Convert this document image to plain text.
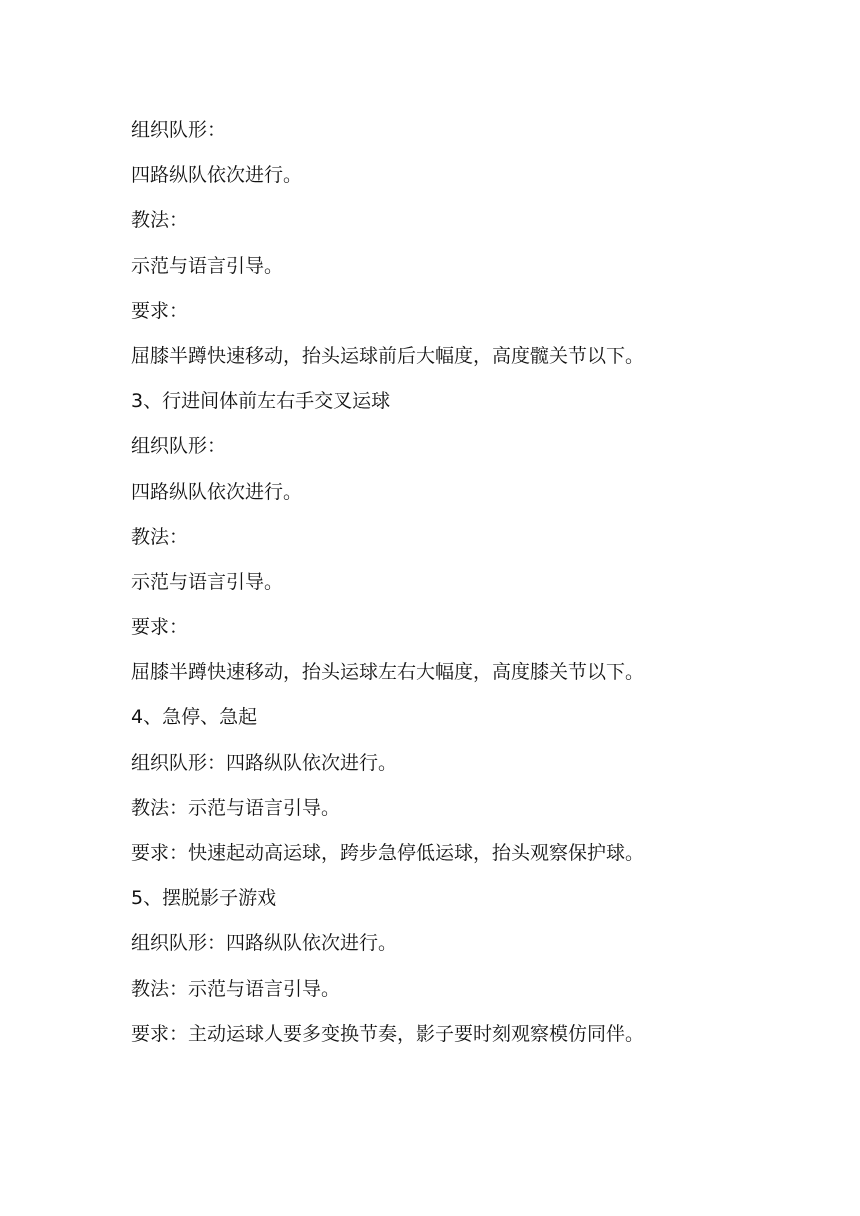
组织队形：
四路纵队依次进行。
教法：
示范与语言引导。
要求：
屈膝半蹲快速移动，抬头运球前后大幅度，高度髋关节以下。
3、行进间体前左右手交叉运球
组织队形：
四路纵队依次进行。
教法：
示范与语言引导。
要求：
屈膝半蹲快速移动，抬头运球左右大幅度，高度膝关节以下。
4、急停、急起
组织队形：四路纵队依次进行。
教法：示范与语言引导。
要求：快速起动高运球，跨步急停低运球，抬头观察保护球。
5、摆脱影子游戏
组织队形：四路纵队依次进行。
教法：示范与语言引导。
要求：主动运球人要多变换节奏，影子要时刻观察模仿同伴。
